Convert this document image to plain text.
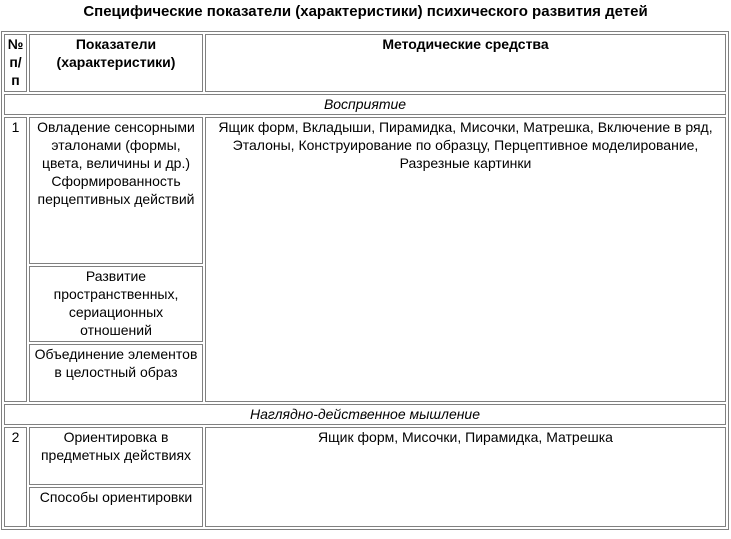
Специфические показатели (характеристики) психического развития детей
№ п/п	Показатели (характеристики)	Методические средства
Восприятие		
1	Овладение сенсорными эталонами (формы, цвета, величины и др.) Сформированность перцептивных действий	Ящик форм, Вкладыши, Пирамидка, Мисочки, Матрешка, Включение в ряд, Эталоны, Конструирование по образцу, Перцептивное моделирование, Разрезные картинки
	Развитие пространственных, сериационных отношений	
	Объединение элементов в целостный образ	
Наглядно-действенное мышление		
2	Ориентировка в предметных действиях	Ящик форм, Мисочки, Пирамидка, Матрешка
	Способы ориентировки	
